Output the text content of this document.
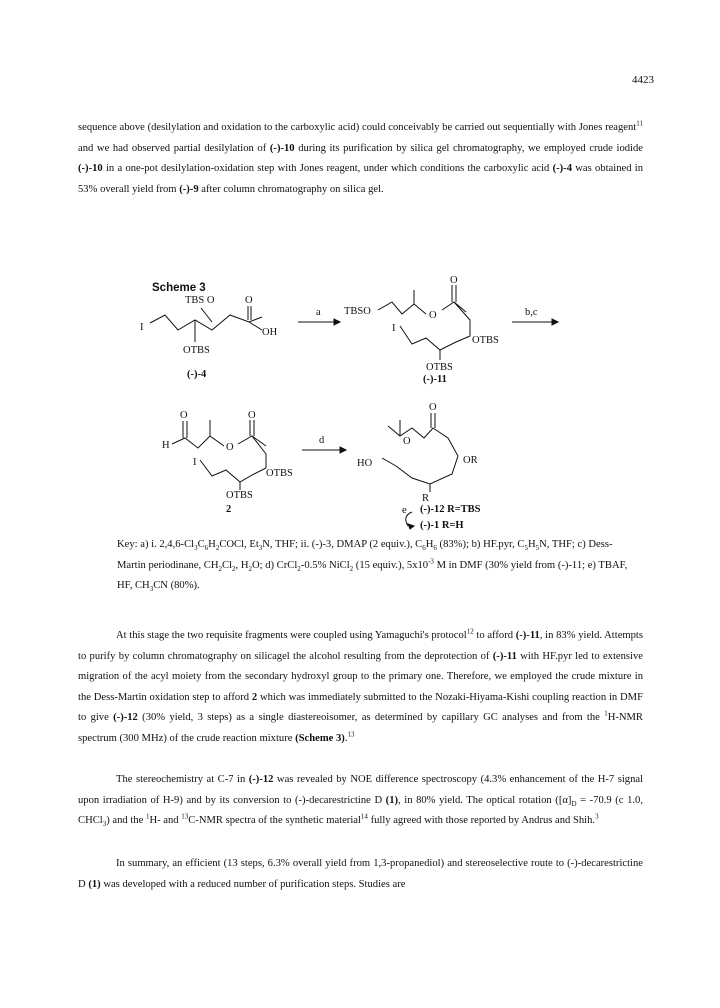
4423
sequence above (desilylation and oxidation to the carboxylic acid) could conceivably be carried out sequentially with Jones reagent$^{11}$ and we had observed partial desilylation of (-)-10 during its purification by silica gel chromatography, we employed crude iodide (-)-10 in a one-pot desilylation-oxidation step with Jones reagent, under which conditions the carboxylic acid (-)-4 was obtained in 53% overall yield from (-)-9 after column chromatography on silica gel.
Scheme 3
TBS O	O
OH
I
OTBS
(-)-4
a TBSO	O
O
OTBS
I
OTBS
(-)-11
b,c
O
H	O
O
OTBS
I
OTBS
2
d
O
O
OR
HO
R
e (-)-12 R=TBS
(-)-1 R=H
Key: a) i. $2,4,6-Cl_3C_6H_2COCl$, $Et_3N$, THF; ii. (-)-3, DMAP (2 equiv.), $C_6H_6$ (83%); b) HF.pyr, $C_5H_5N$, THF; c) Dess-Martin periodinane, $CH_2Cl_2$, $H_2O$; d) CrCl$_2$-0.5% NiCl$_2$ (15 equiv.), $5x10^{-3}$ M in DMF (30% yield from (-)-11; e) TBAF, HF, $CH_3CN$ (80%).
At this stage the two requisite fragments were coupled using Yamaguchi's protocol$^{12}$ to afford (-)-11, in 83% yield. Attempts to purify by column chromatography on silicagel the alcohol resulting from the deprotection of (-)-11 with HF.pyr led to extensive migration of the acyl moiety from the secondary hydroxyl group to the primary one. Therefore, we employed the crude mixture in the Dess-Martin oxidation step to afford 2 which was immediately submitted to the Nozaki-Hiyama-Kishi coupling reaction in DMF to give (-)-12 (30% yield, 3 steps) as a single diastereoisomer, as determined by capillary GC analyses and from the $^1$H-NMR spectrum (300 MHz) of the crude reaction mixture (Scheme 3).$^{13}$
The stereochemistry at C-7 in (-)-12 was revealed by NOE difference spectroscopy (4.3% enhancement of the H-7 signal upon irradiation of H-9) and by its conversion to (-)-decarestrictine D (1), in 80% yield. The optical rotation ($[\alpha]_D = -70.9$ (c 1.0, CHCl$_3$) and the $^1$H- and $^{13}$C-NMR spectra of the synthetic material$^{14}$ fully agreed with those reported by Andrus and Shih.$^3$
In summary, an efficient (13 steps, 6.3% overall yield from 1,3-propanediol) and stereoselective route to (-)-decarestrictine D (1) was developed with a reduced number of purification steps. Studies are
